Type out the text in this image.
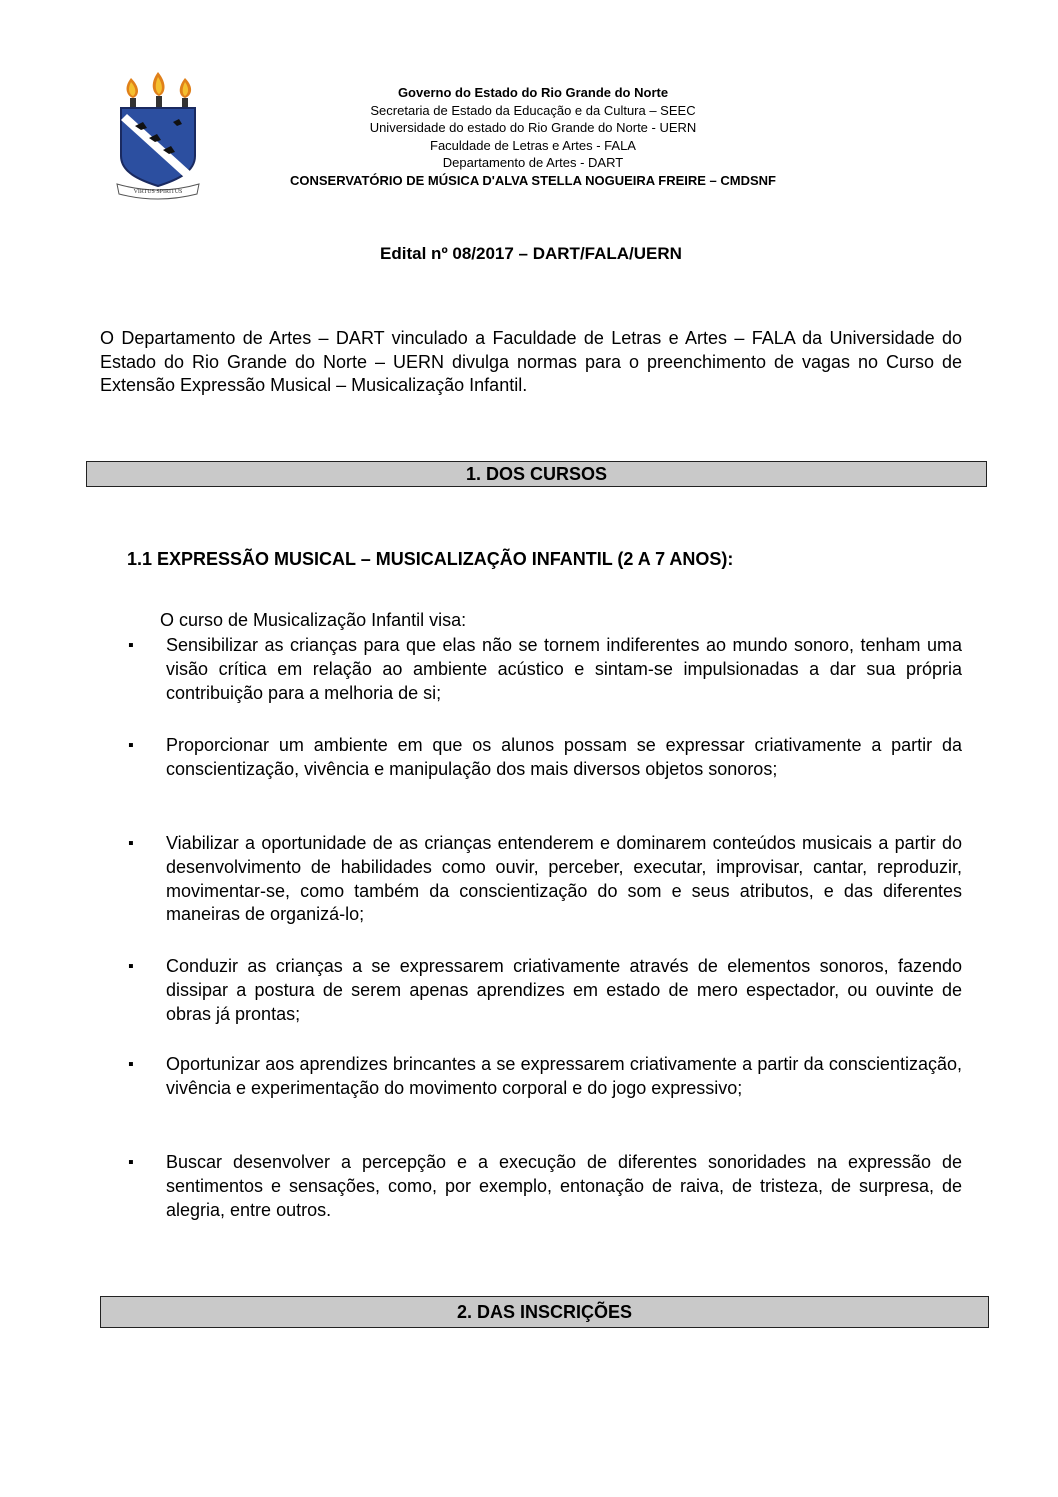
VIRTUS SPIRITUS
Governo do Estado do Rio Grande do Norte
Secretaria de Estado da Educação e da Cultura – SEEC
Universidade do estado do Rio Grande do Norte - UERN
Faculdade de Letras e Artes - FALA
Departamento de Artes - DART
CONSERVATÓRIO DE MÚSICA D'ALVA STELLA NOGUEIRA FREIRE – CMDSNF
Edital nº 08/2017 – DART/FALA/UERN
O Departamento de Artes – DART vinculado a Faculdade de Letras e Artes – FALA da Universidade do Estado do Rio Grande do Norte – UERN divulga normas para o preenchimento de vagas no Curso de Extensão Expressão Musical – Musicalização Infantil.
1. DOS CURSOS
1.1 EXPRESSÃO MUSICAL – MUSICALIZAÇÃO INFANTIL (2 A 7 ANOS):
O curso de Musicalização Infantil visa:
▪	Sensibilizar as crianças para que elas não se tornem indiferentes ao mundo sonoro, tenham uma visão crítica em relação ao ambiente acústico e sintam-se impulsionadas a dar sua própria contribuição para a melhoria de si;
▪	Proporcionar um ambiente em que os alunos possam se expressar criativamente a partir da conscientização, vivência e manipulação dos mais diversos objetos sonoros;
▪	Viabilizar a oportunidade de as crianças entenderem e dominarem conteúdos musicais a partir do desenvolvimento de habilidades como ouvir, perceber, executar, improvisar, cantar, reproduzir, movimentar-se, como também da conscientização do som e seus atributos, e das diferentes maneiras de organizá-lo;
▪	Conduzir as crianças a se expressarem criativamente através de elementos sonoros, fazendo dissipar a postura de serem apenas aprendizes em estado de mero espectador, ou ouvinte de obras já prontas;
▪	Oportunizar aos aprendizes brincantes a se expressarem criativamente a partir da conscientização, vivência e experimentação do movimento corporal e do jogo expressivo;
▪	Buscar desenvolver a percepção e a execução de diferentes sonoridades na expressão de sentimentos e sensações, como, por exemplo, entonação de raiva, de tristeza, de surpresa, de alegria, entre outros.
2. DAS INSCRIÇÕES
